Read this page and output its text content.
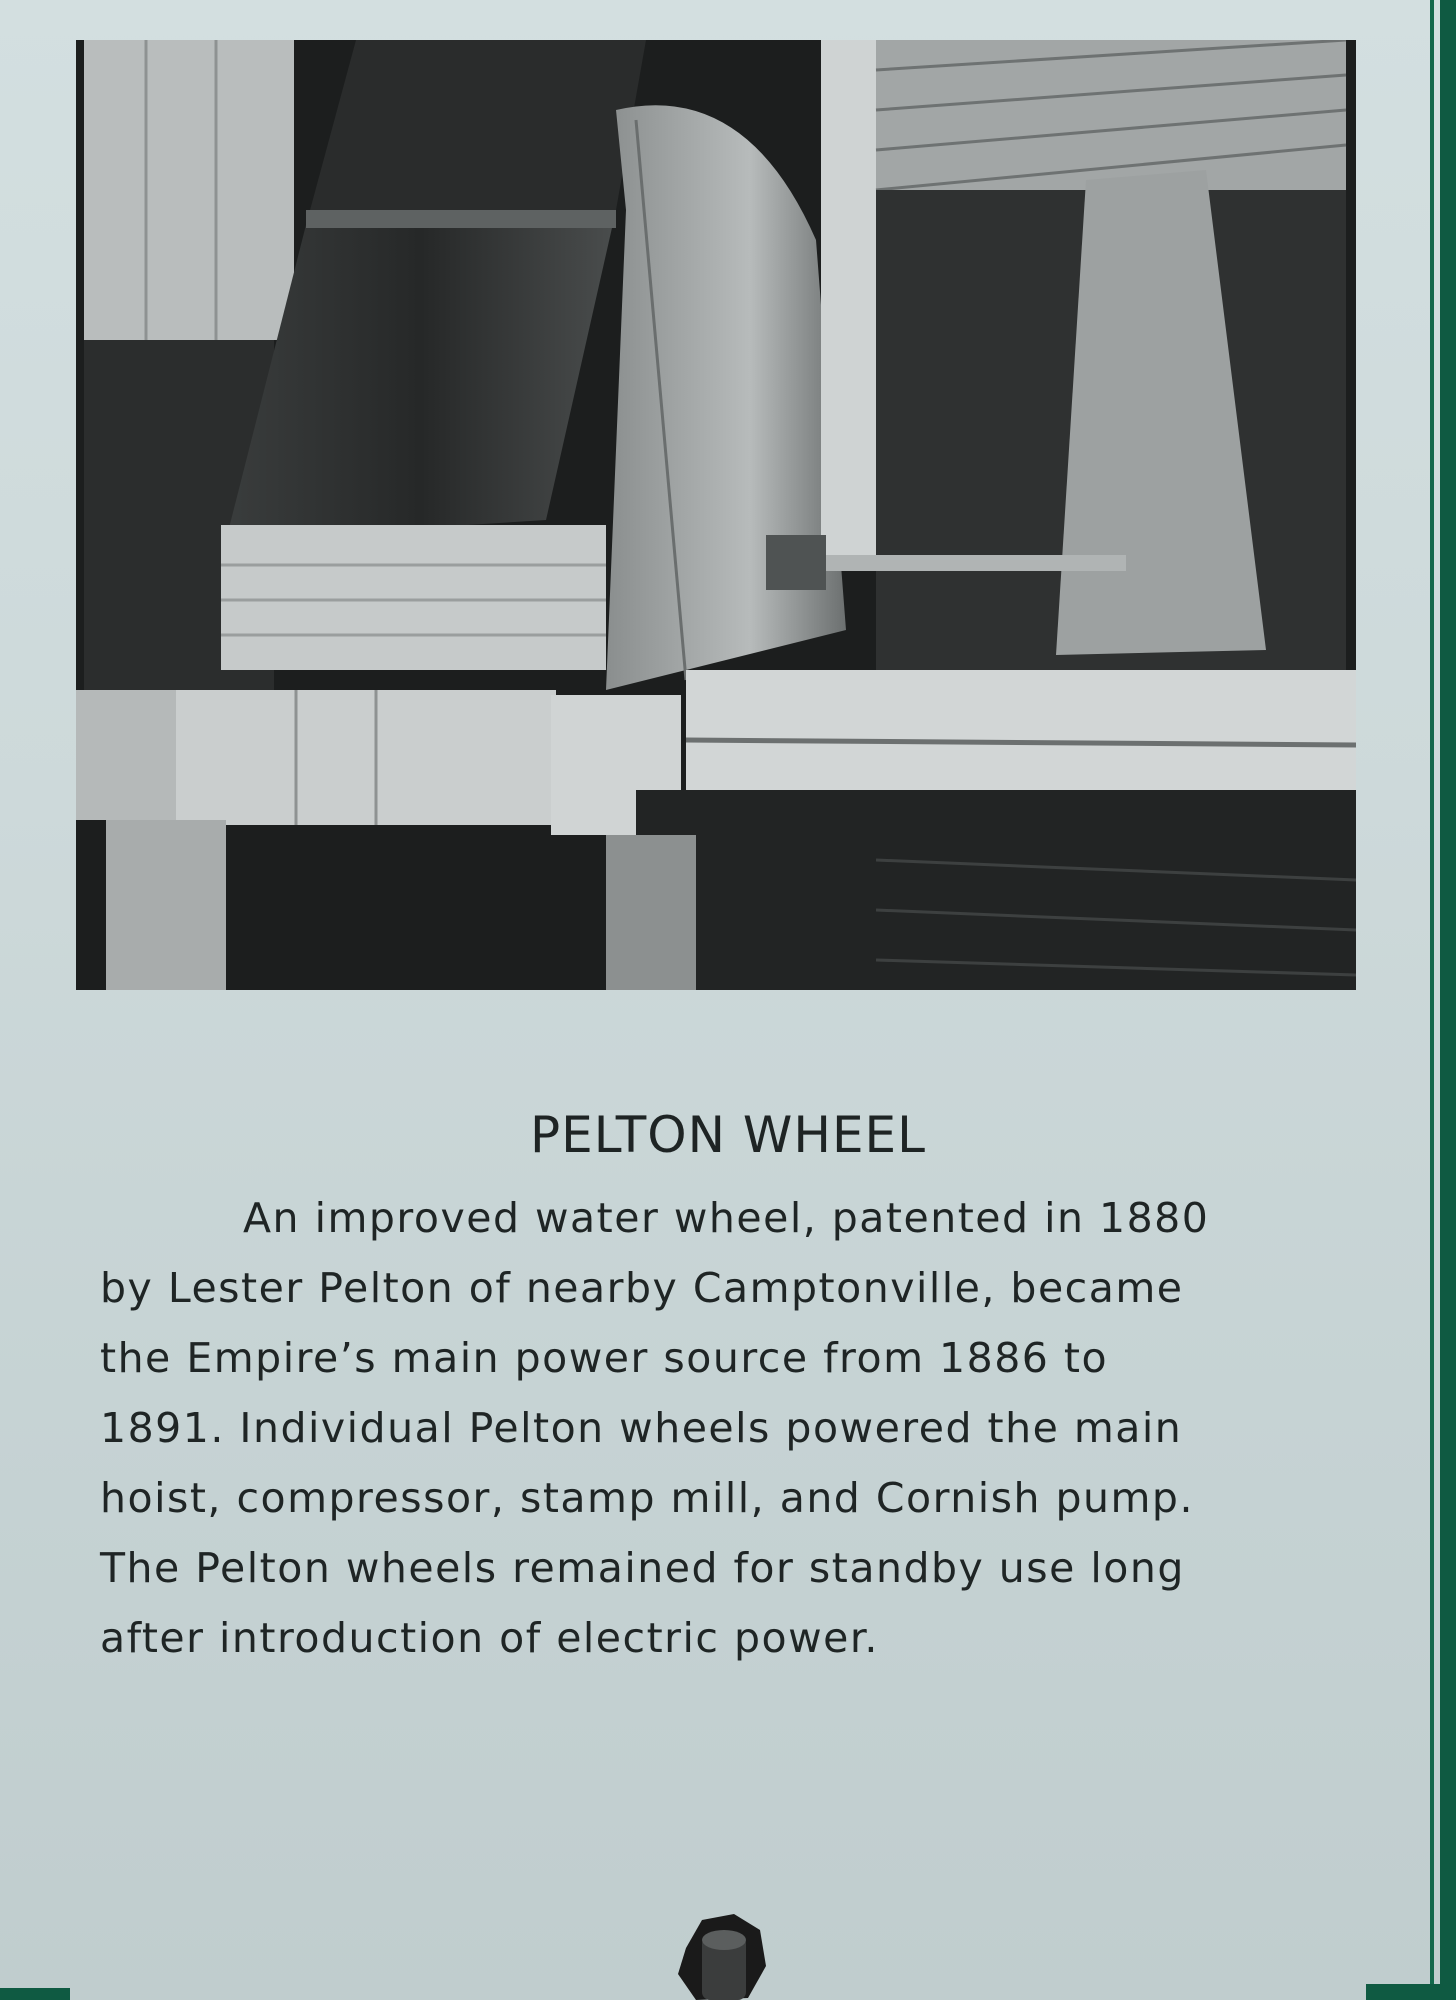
PELTON WHEEL
An improved water wheel, patented in 1880
by Lester Pelton of nearby Camptonville, became
the Empire’s main power source from 1886 to
1891. Individual Pelton wheels powered the main
hoist, compressor, stamp mill, and Cornish pump.
The Pelton wheels remained for standby use long
after introduction of electric power.
